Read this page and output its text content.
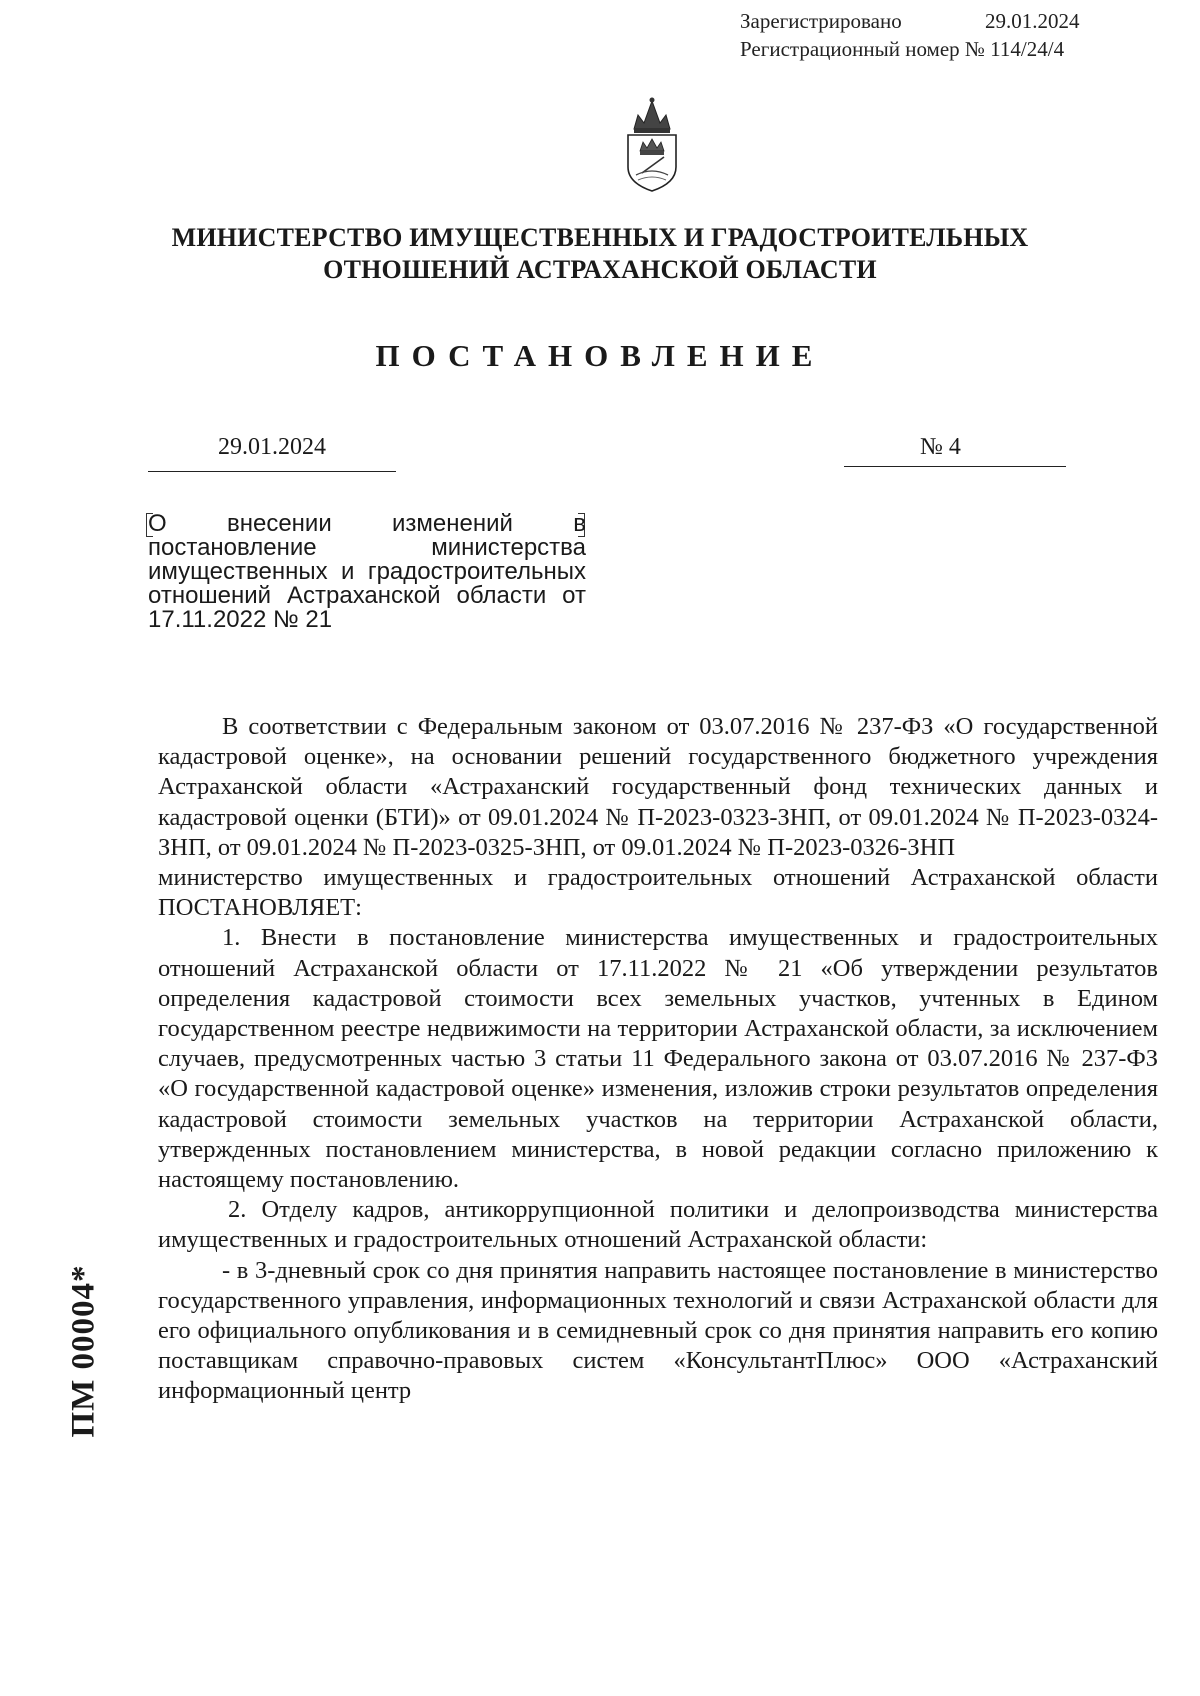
Зарегистрировано	29.01.2024
Регистрационный номер № 114/24/4
МИНИСТЕРСТВО ИМУЩЕСТВЕННЫХ И ГРАДОСТРОИТЕЛЬНЫХ
ОТНОШЕНИЙ АСТРАХАНСКОЙ ОБЛАСТИ
ПОСТАНОВЛЕНИЕ
29.01.2024	№ 4
О внесении изменений в постановление министерства имущественных и градостроительных отношений Астраханской области от 17.11.2022 № 21

В соответствии с Федеральным законом от 03.07.2016 № 237-ФЗ «О государственной кадастровой оценке», на основании решений государственного бюджетного учреждения Астраханской области «Астраханский государственный фонд технических данных и кадастровой оценки (БТИ)» от 09.01.2024 № П-2023-0323-ЗНП, от 09.01.2024 № П-2023-0324-ЗНП, от 09.01.2024 № П-2023-0325-ЗНП, от 09.01.2024 № П-2023-0326-ЗНП

министерство имущественных и градостроительных отношений Астраханской области ПОСТАНОВЛЯЕТ:

1. Внести в постановление министерства имущественных и градостроительных отношений Астраханской области от 17.11.2022 № 21 «Об утверждении результатов определения кадастровой стоимости всех земельных участков, учтенных в Едином государственном реестре недвижимости на территории Астраханской области, за исключением случаев, предусмотренных частью 3 статьи 11 Федерального закона от 03.07.2016 № 237-ФЗ «О государственной кадастровой оценке» изменения, изложив строки результатов определения кадастровой стоимости земельных участков на территории Астраханской области, утвержденных постановлением министерства, в новой редакции согласно приложению к настоящему постановлению.

2. Отделу кадров, антикоррупционной политики и делопроизводства министерства имущественных и градостроительных отношений Астраханской области:

- в 3-дневный срок со дня принятия направить настоящее постановление в министерство государственного управления, информационных технологий и связи Астраханской области для его официального опубликования и в семидневный срок со дня принятия направить его копию поставщикам справочно-правовых систем «КонсультантПлюс» ООО «Астраханский информационный центр

ПМ 00004*
